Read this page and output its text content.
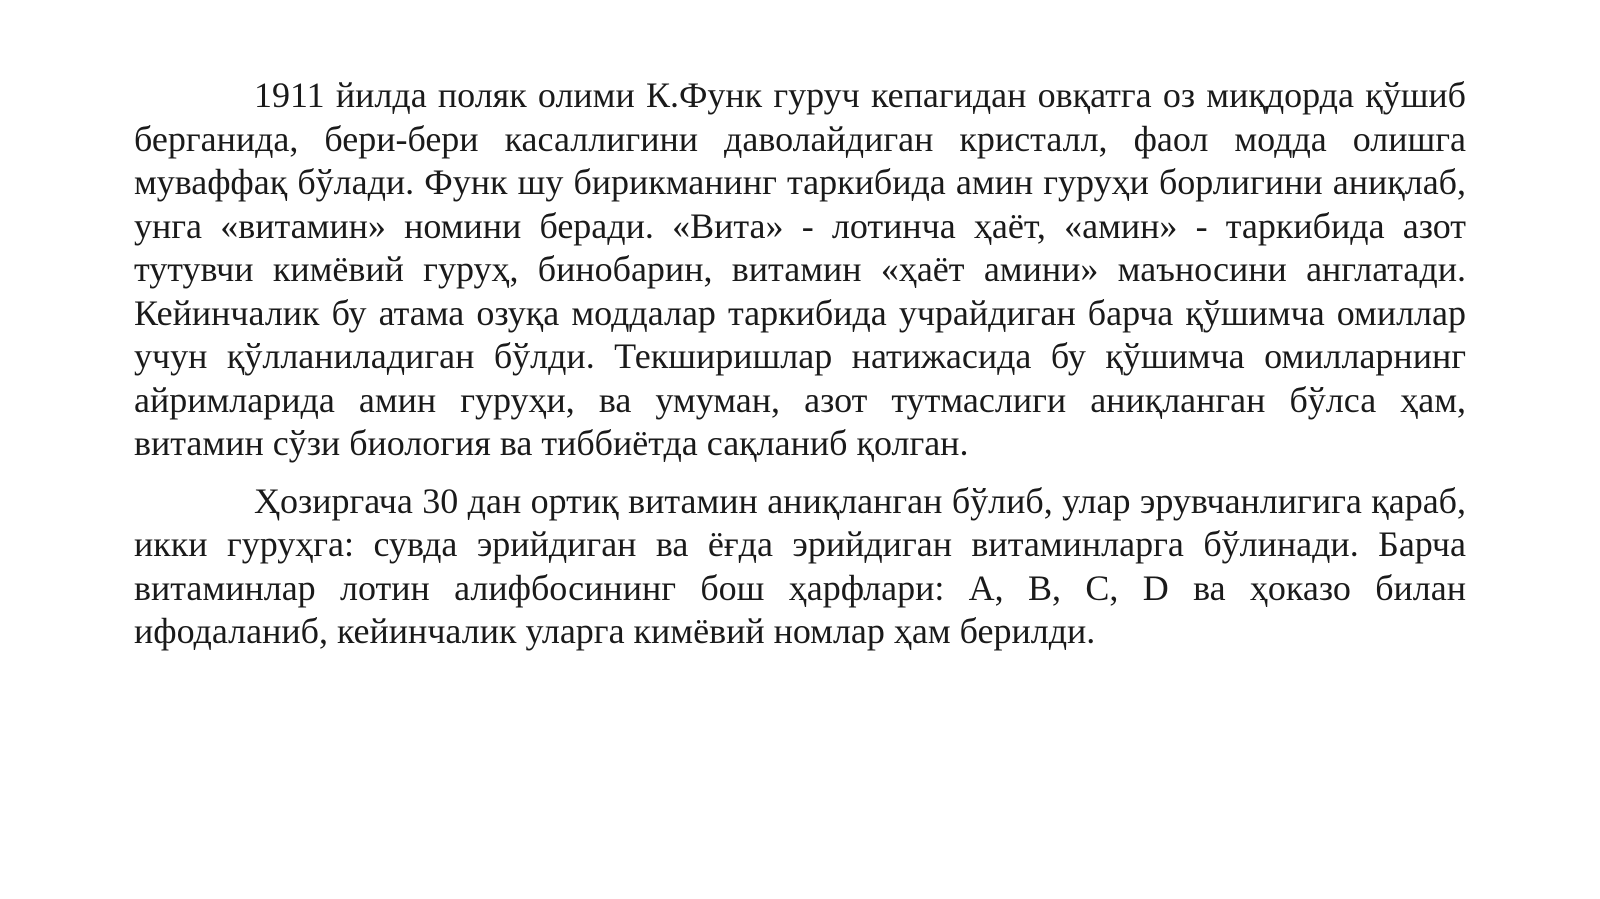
1911 йилда поляк олими К.Функ гуруч кепагидан овқатга оз миқдорда қўшиб берганида, бери-бери касаллигини даволайдиган кристалл, фаол модда олишга муваффақ бўлади. Функ шу бирикманинг таркибида амин гуруҳи борлигини аниқлаб, унга «витамин» номини беради. «Вита» - лотинча ҳаёт, «амин» - таркибида азот тутувчи кимёвий гуруҳ, бинобарин, витамин «ҳаёт амини» маъносини англатади. Кейинчалик бу атама озуқа моддалар таркибида учрайдиган барча қўшимча омиллар учун қўлланиладиган бўлди. Текширишлар натижасида бу қўшимча омилларнинг айримларида амин гуруҳи, ва умуман, азот тутмаслиги аниқланган бўлса ҳам, витамин сўзи биология ва тиббиётда сақланиб қолган.

Ҳозиргача 30 дан ортиқ витамин аниқланган бўлиб, улар эрувчанлигига қараб, икки гуруҳга: сувда эрийдиган ва ёғда эрийдиган витаминларга бўлинади. Барча витаминлар лотин алифбосининг бош ҳарфлари: A, B, C, D ва ҳоказо билан ифодаланиб, кейинчалик уларга кимёвий номлар ҳам берилди.
